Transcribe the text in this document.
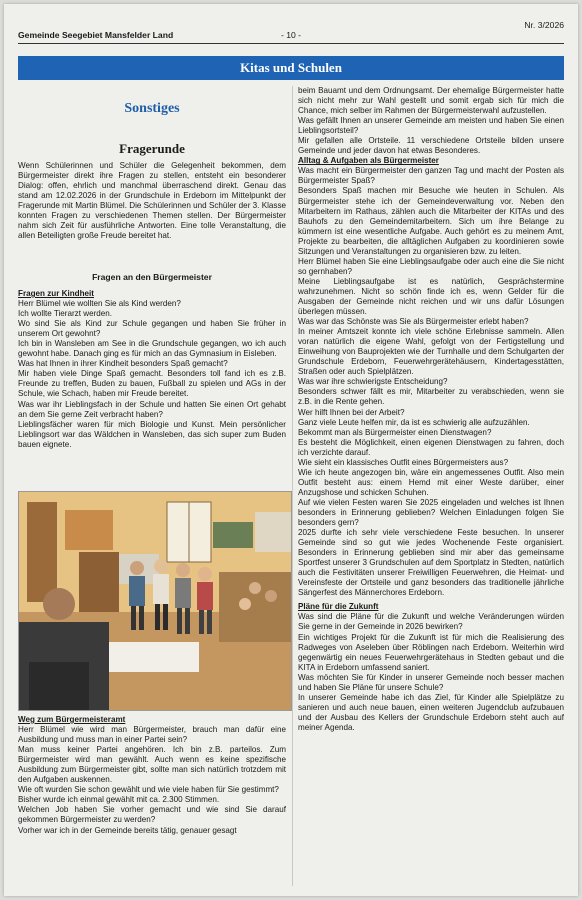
Gemeinde Seegebiet Mansfelder Land	- 10 -
Nr. 3/2026
Kitas und Schulen
Sonstiges
Fragerunde

Wenn Schülerinnen und Schüler die Gelegenheit bekommen, dem Bürgermeister direkt ihre Fragen zu stellen, entsteht ein besonderer Dialog: offen, ehrlich und manchmal überraschend direkt. Genau das stand am 12.02.2026 in der Grundschule in Erdeborn im Mittelpunkt der Fragerunde mit Martin Blümel. Die Schülerinnen und Schüler der 3. Klasse konnten Fragen zu verschiedenen Themen stellen. Der Bürgermeister nahm sich Zeit für ausführliche Antworten. Eine tolle Veranstaltung, die allen Beteiligten große Freude bereitet hat.

Fragen an den Bürgermeister

Fragen zur Kindheit

Herr Blümel wie wollten Sie als Kind werden?

Ich wollte Tierarzt werden.

Wo sind Sie als Kind zur Schule gegangen und haben Sie früher in unserem Ort gewohnt?

Ich bin in Wansleben am See in die Grundschule gegangen, wo ich auch gewohnt habe. Danach ging es für mich an das Gymnasium in Eisleben.

Was hat Ihnen in ihrer Kindheit besonders Spaß gemacht?

Mir haben viele Dinge Spaß gemacht. Besonders toll fand ich es z.B. Freunde zu treffen, Buden zu bauen, Fußball zu spielen und AGs in der Schule, wie Schach, haben mir Freude bereitet.

Was war ihr Lieblingsfach in der Schule und hatten Sie einen Ort gehabt an dem Sie gerne Zeit verbracht haben?

Lieblingsfächer waren für mich Biologie und Kunst. Mein persönlicher Lieblingsort war das Wäldchen in Wansleben, das sich super zum Buden bauen eignete.

Weg zum Bürgermeisteramt

Herr Blümel wie wird man Bürgermeister, brauch man dafür eine Ausbildung und muss man in einer Partei sein?

Man muss keiner Partei angehören. Ich bin z.B. parteilos. Zum Bürgermeister wird man gewählt. Auch wenn es keine spezifische Ausbildung zum Bürgermeister gibt, sollte man sich natürlich trotzdem mit den Aufgaben auskennen.

Wie oft wurden Sie schon gewählt und wie viele haben für Sie gestimmt?

Bisher wurde ich einmal gewählt mit ca. 2.300 Stimmen.

Welchen Job haben Sie vorher gemacht und wie sind Sie darauf gekommen Bürgermeister zu werden?

Vorher war ich in der Gemeinde bereits tätig, genauer gesagt

beim Bauamt und dem Ordnungsamt. Der ehemalige Bürgermeister hatte sich nicht mehr zur Wahl gestellt und somit ergab sich für mich die Chance, mich selber im Rahmen der Bürgermeisterwahl aufzustellen.

Was gefällt Ihnen an unserer Gemeinde am meisten und haben Sie einen Lieblingsortsteil?

Mir gefallen alle Ortsteile. 11 verschiedene Ortsteile bilden unsere Gemeinde und jeder davon hat etwas Besonderes.

Alltag & Aufgaben als Bürgermeister

Was macht ein Bürgermeister den ganzen Tag und macht der Posten als Bürgermeister Spaß?

Besonders Spaß machen mir Besuche wie heuten in Schulen. Als Bürgermeister stehe ich der Gemeindeverwaltung vor. Neben den Mitarbeitern im Rathaus, zählen auch die Mitarbeiter der KITAs und des Bauhofs zu den Gemeindemitarbeitern. Sich um ihre Belange zu kümmern ist eine wesentliche Aufgabe. Auch gehört es zu meinem Amt, Projekte zu bearbeiten, die alltäglichen Aufgaben zu koordinieren sowie Sitzungen und Veranstaltungen zu organisieren bzw. zu leiten.

Herr Blümel haben Sie eine Lieblingsaufgabe oder auch eine die Sie nicht so gernhaben?

Meine Lieblingsaufgabe ist es natürlich, Gesprächstermine wahrzunehmen. Nicht so schön finde ich es, wenn Gelder für die Ausgaben der Gemeinde nicht reichen und wir uns dafür Lösungen überlegen müssen.

Was war das Schönste was Sie als Bürgermeister erlebt haben?

In meiner Amtszeit konnte ich viele schöne Erlebnisse sammeln. Allen voran natürlich die eigene Wahl, gefolgt von der Fertigstellung und Einweihung von Bauprojekten wie der Turnhalle und dem Schulgarten der Grundschule Erdeborn, Feuerwehrgerätehäusern, Kindertagesstätten, Straßen oder auch Spielplätzen.

Was war ihre schwierigste Entscheidung?

Besonders schwer fällt es mir, Mitarbeiter zu verabschieden, wenn sie z.B. in die Rente gehen.

Wer hilft Ihnen bei der Arbeit?

Ganz viele Leute helfen mir, da ist es schwierig alle aufzuzählen.

Bekommt man als Bürgermeister einen Dienstwagen?

Es besteht die Möglichkeit, einen eigenen Dienstwagen zu fahren, doch ich verzichte darauf.

Wie sieht ein klassisches Outfit eines Bürgermeisters aus?

Wie ich heute angezogen bin, wäre ein angemessenes Outfit. Also mein Outfit besteht aus: einem Hemd mit einer Weste darüber, einer Anzugshose und schicken Schuhen.

Auf wie vielen Festen waren Sie 2025 eingeladen und welches ist Ihnen besonders in Erinnerung geblieben? Welchen Einladungen folgen Sie besonders gern?

2025 durfte ich sehr viele verschiedene Feste besuchen. In unserer Gemeinde sind so gut wie jedes Wochenende Feste organisiert. Besonders in Erinnerung geblieben sind mir aber das gemeinsame Sportfest unserer 3 Grundschulen auf dem Sportplatz in Stedten, natürlich auch die Festivitäten unserer Freiwilligen Feuerwehren, die Heimat- und Vereinsfeste der Ortsteile und ganz besonders das traditionelle jährliche Sängerfest des Männerchores Erdeborn.

Pläne für die Zukunft

Was sind die Pläne für die Zukunft und welche Veränderungen würden Sie gerne in der Gemeinde in 2026 bewirken?

Ein wichtiges Projekt für die Zukunft ist für mich die Realisierung des Radweges von Aseleben über Röblingen nach Erdeborn. Weiterhin wird gegenwärtig ein neues Feuerwehrgerätehaus in Stedten gebaut und die KITA in Erdeborn umfassend saniert.

Was möchten Sie für Kinder in unserer Gemeinde noch besser machen und haben Sie Pläne für unsere Schule?

In unserer Gemeinde habe ich das Ziel, für Kinder alle Spielplätze zu sanieren und auch neue bauen, einen weiteren Jugendclub aufzubauen und der Ausbau des Kellers der Grundschule Erdeborn steht auch auf meiner Agenda.
